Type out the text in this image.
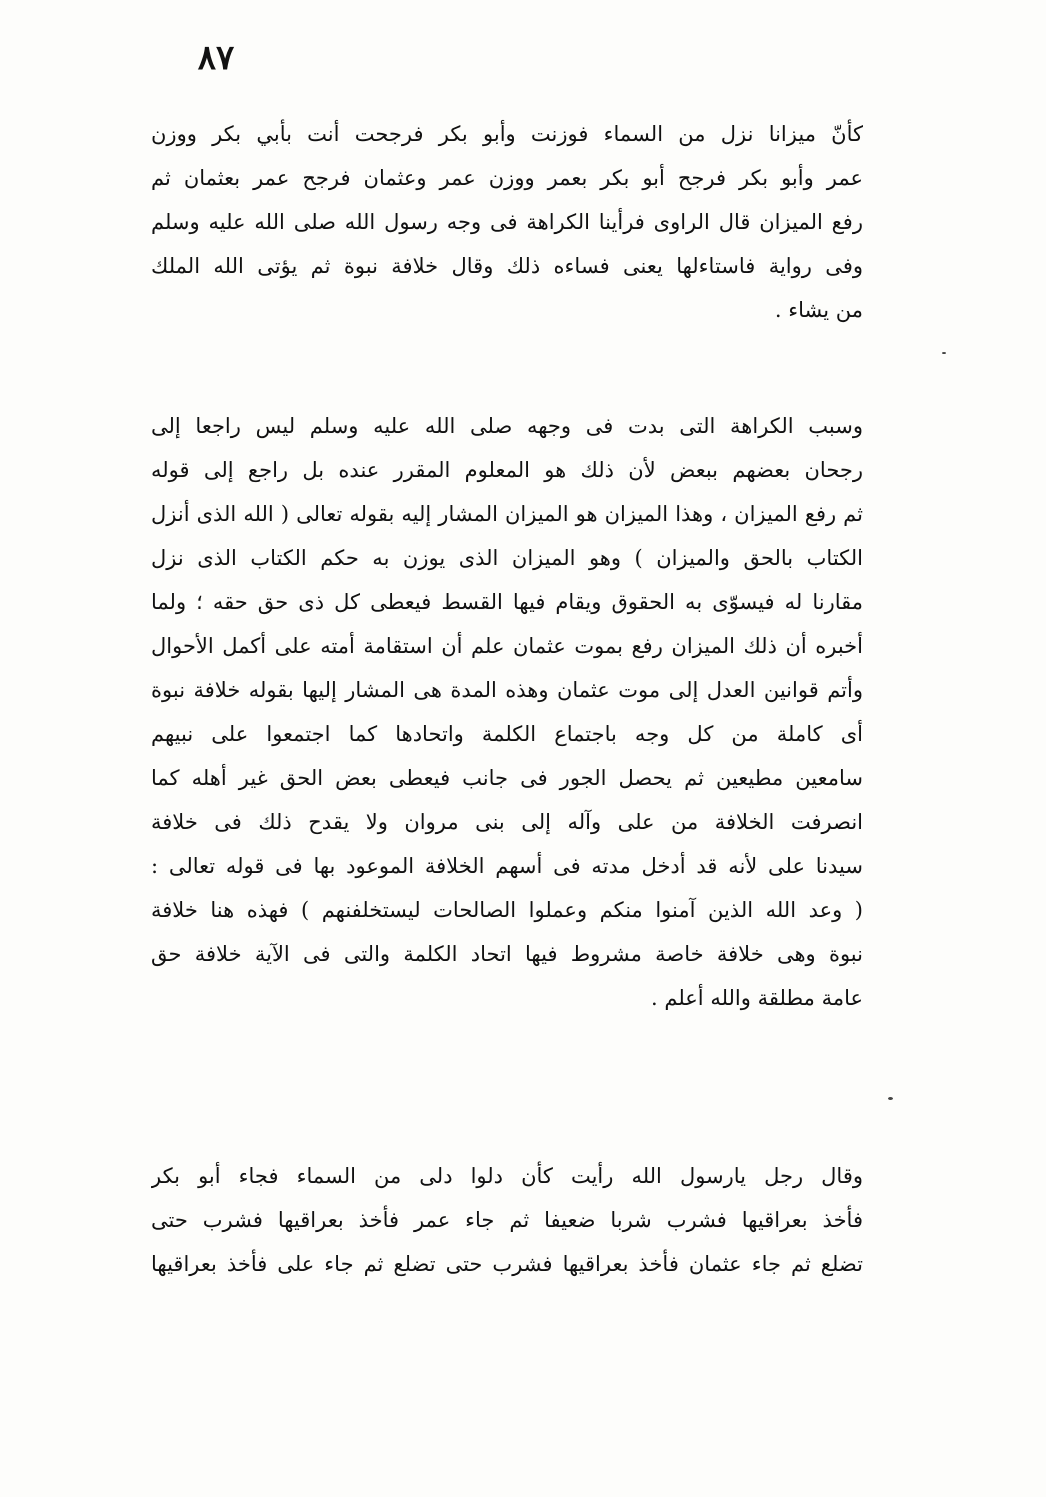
٨٧
كأنّ ميزانا نزل من السماء فوزنت وأبو بكر فرجحت أنت بأبي بكر ووزن
عمر وأبو بكر فرجح أبو بكر بعمر ووزن عمر وعثمان فرجح عمر بعثمان ثم
رفع الميزان قال الراوى فرأينا الكراهة فى وجه رسول الله صلى الله عليه وسلم
وفى رواية فاستاءلها يعنى فساءه ذلك وقال خلافة نبوة ثم يؤتى الله الملك
من يشاء .
وسبب الكراهة التى بدت فى وجهه صلى الله عليه وسلم ليس راجعا إلى
رجحان بعضهم ببعض لأن ذلك هو المعلوم المقرر عنده بل راجع إلى قوله
ثم رفع الميزان ، وهذا الميزان هو الميزان المشار إليه بقوله تعالى ( الله الذى أنزل
الكتاب بالحق والميزان ) وهو الميزان الذى يوزن به حكم الكتاب الذى نزل
مقارنا له فيسوّى به الحقوق ويقام فيها القسط فيعطى كل ذى حق حقه ؛ ولما
أخبره أن ذلك الميزان رفع بموت عثمان علم أن استقامة أمته على أكمل الأحوال
وأتم قوانين العدل إلى موت عثمان وهذه المدة هى المشار إليها بقوله خلافة نبوة
أى كاملة من كل وجه باجتماع الكلمة واتحادها كما اجتمعوا على نبيهم
سامعين مطيعين ثم يحصل الجور فى جانب فيعطى بعض الحق غير أهله كما
انصرفت الخلافة من على وآله إلى بنى مروان ولا يقدح ذلك فى خلافة
سيدنا على لأنه قد أدخل مدته فى أسهم الخلافة الموعود بها فى قوله تعالى :
( وعد الله الذين آمنوا منكم وعملوا الصالحات ليستخلفنهم ) فهذه هنا خلافة
نبوة وهى خلافة خاصة مشروط فيها اتحاد الكلمة والتى فى الآية خلافة حق
عامة مطلقة والله أعلم .
وقال رجل يارسول الله رأيت كأن دلوا دلى من السماء فجاء أبو بكر
فأخذ بعراقيها فشرب شربا ضعيفا ثم جاء عمر فأخذ بعراقيها فشرب حتى
تضلع ثم جاء عثمان فأخذ بعراقيها فشرب حتى تضلع ثم جاء على فأخذ بعراقيها
